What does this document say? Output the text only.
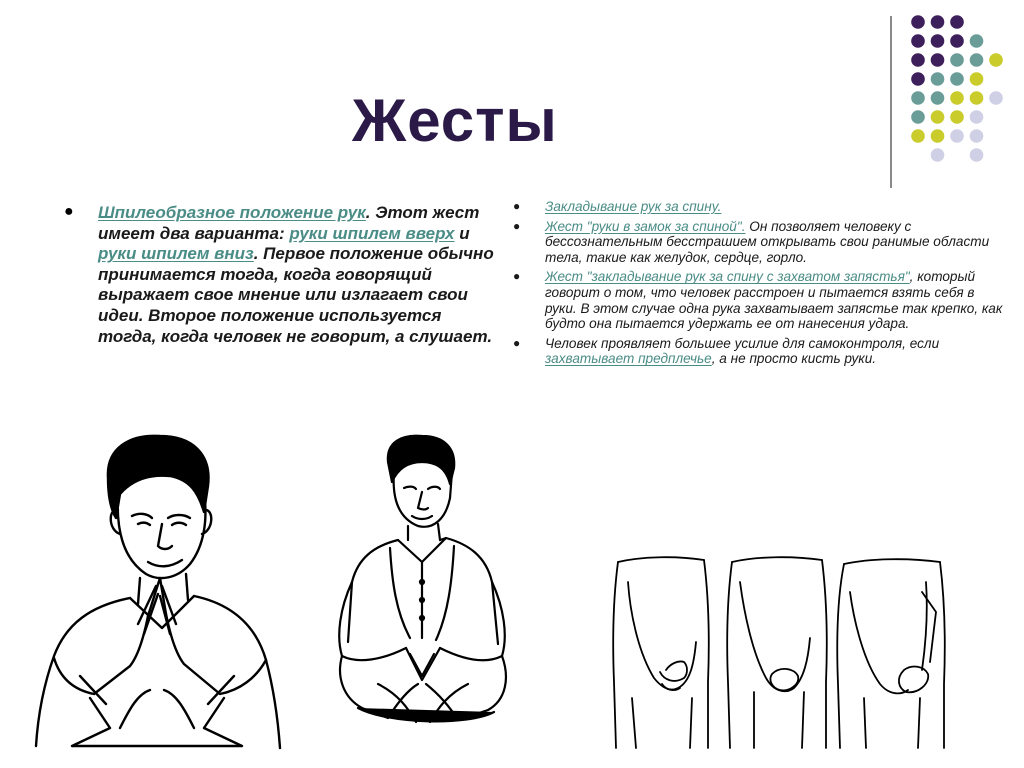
Жесты
● Шпилеобразное положение рук. Этот жест имеет два варианта: руки шпилем вверх и руки шпилем вниз. Первое положение обычно принимается тогда, когда говорящий выражает свое мнение или излагает свои идеи. Второе положение используется тогда, когда человек не говорит, а слушает.
● Закладывание рук за спину.
● Жест "руки в замок за спиной". Он позволяет человеку с бессознательным бесстрашием открывать свои ранимые области тела, такие как желудок, сердце, горло.
● Жест "закладывание рук за спину с захватом запястья", который говорит о том, что человек расстроен и пытается взять себя в руки. В этом случае одна рука захватывает запястье так крепко, как будто она пытается удержать ее от нанесения удара.
● Человек проявляет большее усилие для самоконтроля, если захватывает предплечье, а не просто кисть руки.
